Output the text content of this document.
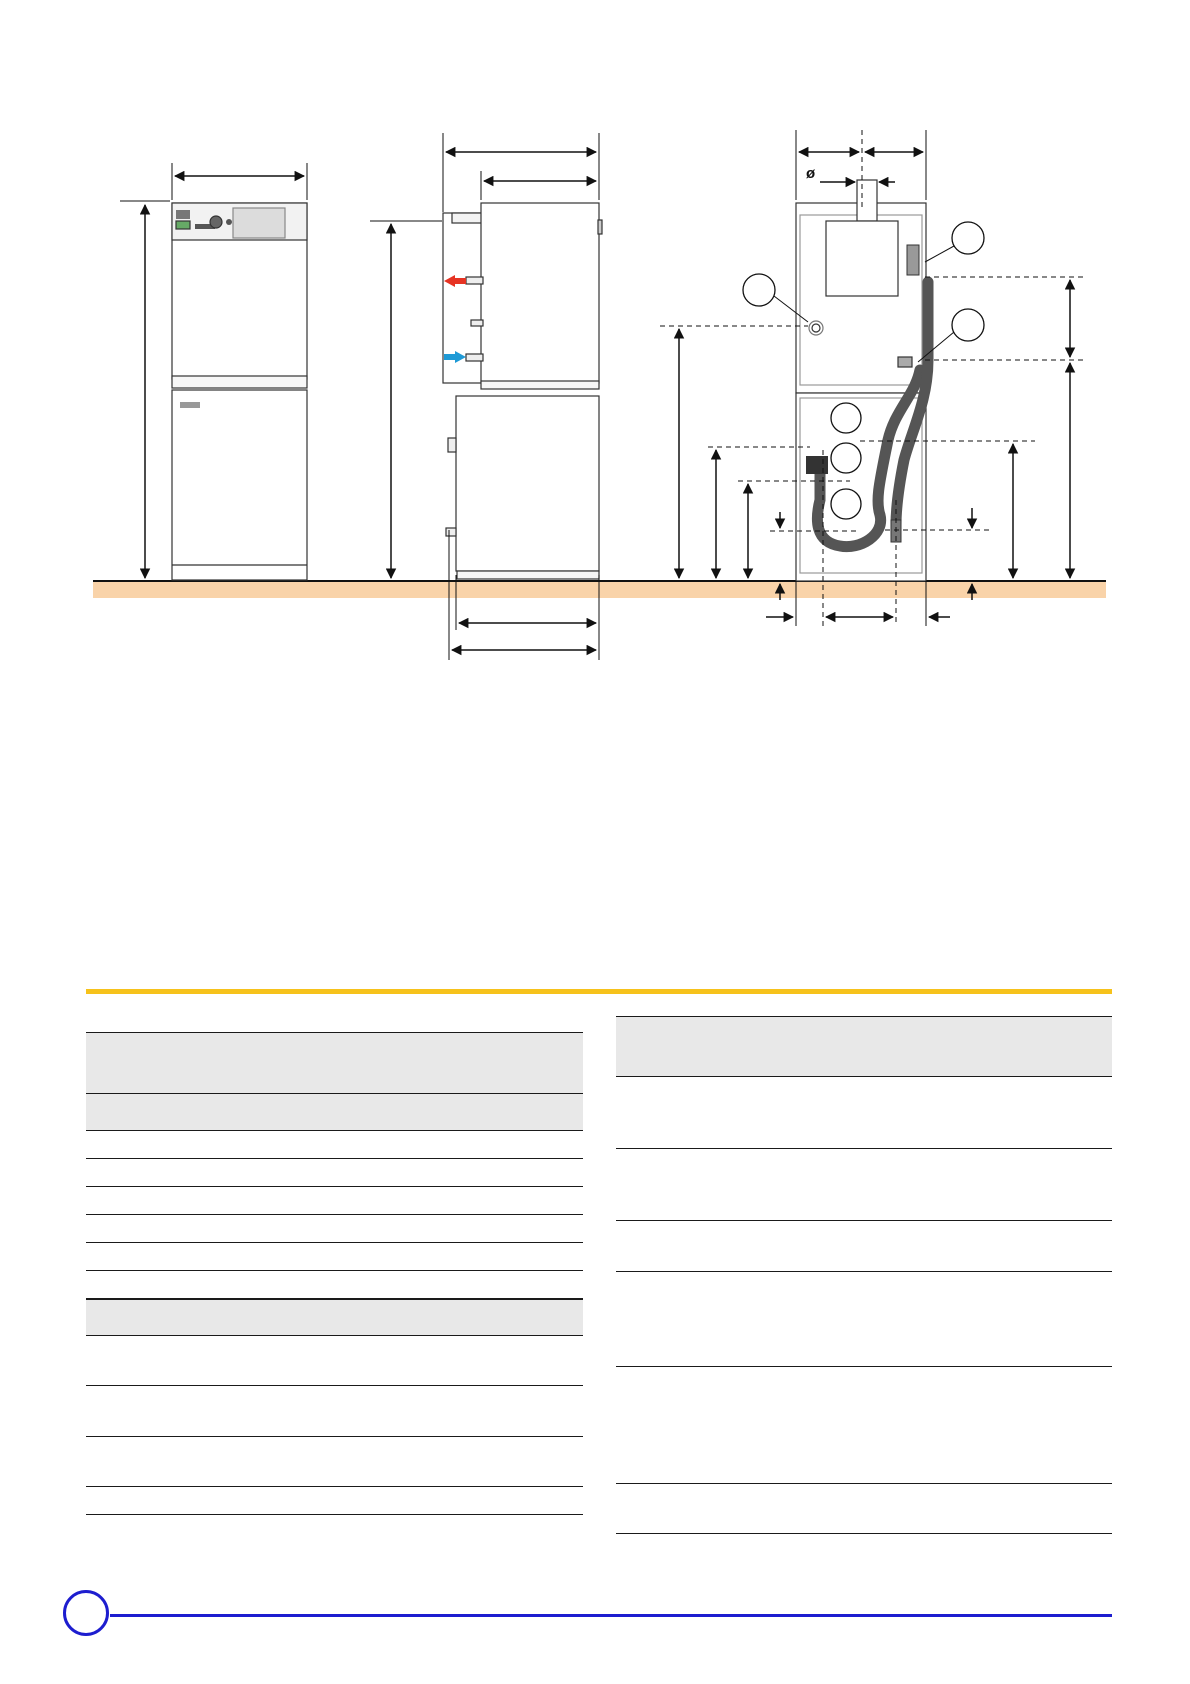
ø
